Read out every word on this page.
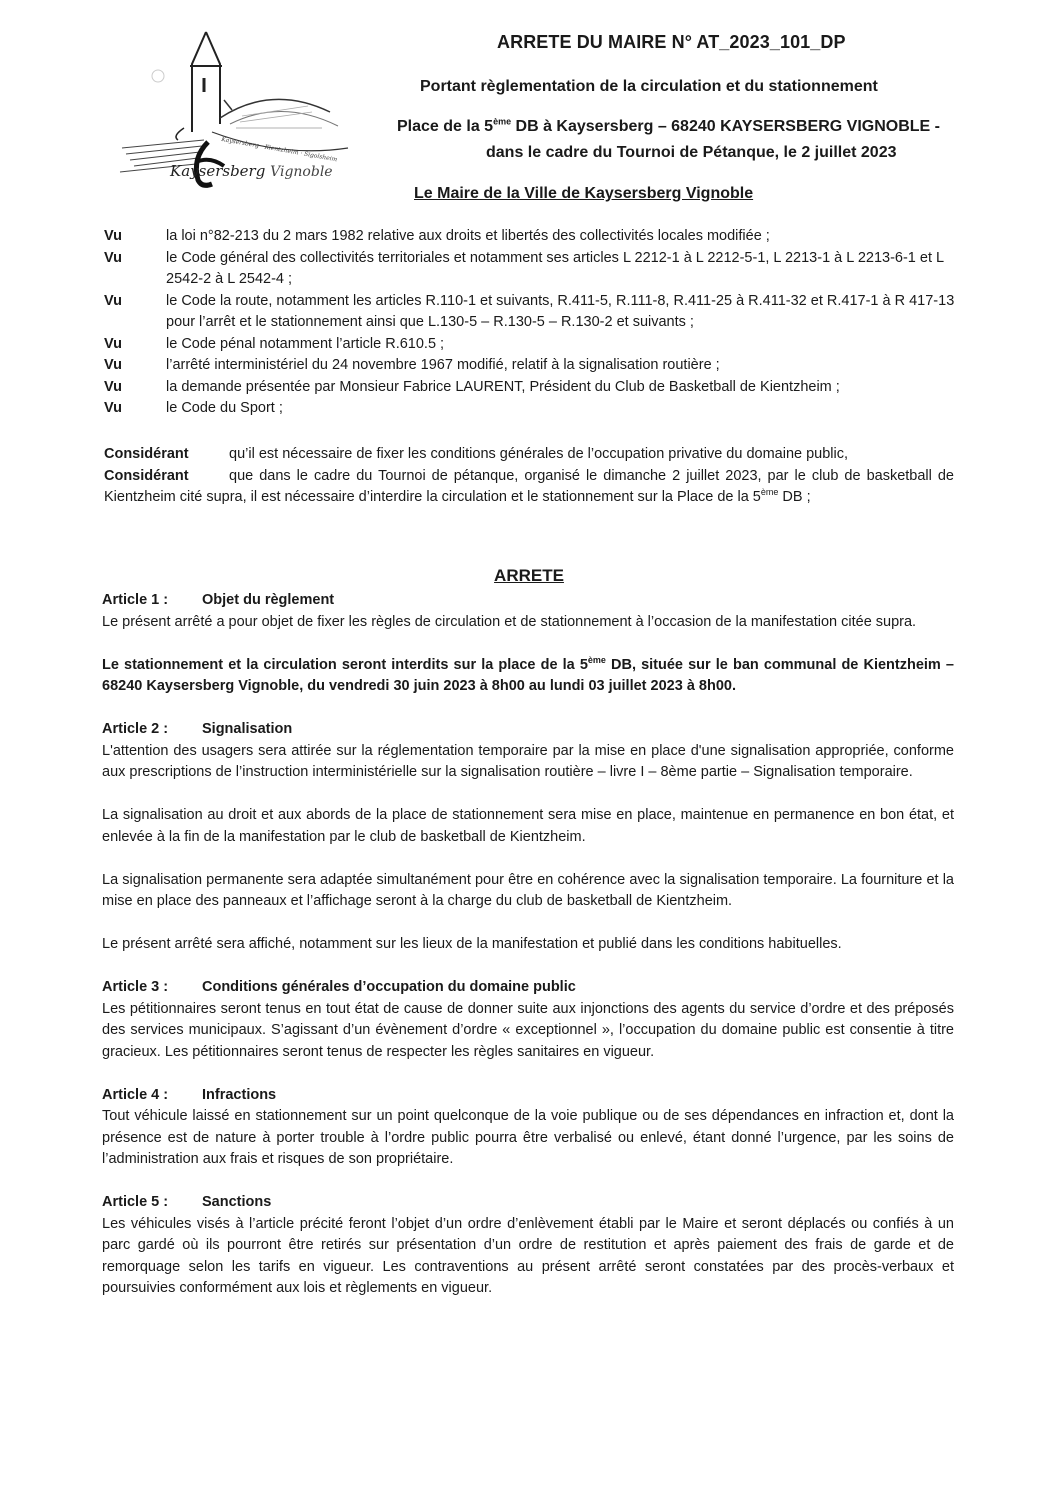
Kaysersberg Vignoble
Kaysersberg · Kientzheim · Sigolsheim
ARRETE DU MAIRE N° AT_2023_101_DP
Portant règlementation de la circulation et du stationnement
Place de la 5ème DB à Kaysersberg – 68240 KAYSERSBERG VIGNOBLE -
dans le cadre du Tournoi de Pétanque, le 2 juillet 2023
Le Maire de la Ville de Kaysersberg Vignoble
Vu	la loi n°82-213 du 2 mars 1982 relative aux droits et libertés des collectivités locales modifiée ;
Vu	le Code général des collectivités territoriales et notamment ses articles L 2212-1 à L 2212-5-1, L 2213-1 à L 2213-6-1 et L 2542-2 à L 2542-4 ;
Vu	le Code la route, notamment les articles R.110-1 et suivants, R.411-5, R.111-8, R.411-25 à R.411-32 et R.417-1 à R 417-13 pour l’arrêt et le stationnement ainsi que L.130-5 – R.130-5 – R.130-2 et suivants ;
Vu	le Code pénal notamment l’article R.610.5 ;
Vu	l’arrêté interministériel du 24 novembre 1967 modifié, relatif à la signalisation routière ;
Vu	la demande présentée par Monsieur Fabrice LAURENT, Président du Club de Basketball de Kientzheim ;
Vu	le Code du Sport ;
Considérant	qu’il est nécessaire de fixer les conditions générales de l’occupation privative du domaine public,
Considérant	que dans le cadre du Tournoi de pétanque, organisé le dimanche 2 juillet 2023, par le club de basketball de Kientzheim cité supra, il est nécessaire d’interdire la circulation et le stationnement sur la Place de la 5ème DB ;
ARRETE
Article 1 :	Objet du règlement

Le présent arrêté a pour objet de fixer les règles de circulation et de stationnement à l’occasion de la manifestation citée supra.

Le stationnement et la circulation seront interdits sur la place de la 5ème DB, située sur le ban communal de Kientzheim – 68240 Kaysersberg Vignoble, du vendredi 30 juin 2023 à 8h00 au lundi 03 juillet 2023 à 8h00.

Article 2 :	Signalisation

L'attention des usagers sera attirée sur la réglementation temporaire par la mise en place d'une signalisation appropriée, conforme aux prescriptions de l’instruction interministérielle sur la signalisation routière – livre I – 8ème partie – Signalisation temporaire.

La signalisation au droit et aux abords de la place de stationnement sera mise en place, maintenue en permanence en bon état, et enlevée à la fin de la manifestation par le club de basketball de Kientzheim.

La signalisation permanente sera adaptée simultanément pour être en cohérence avec la signalisation temporaire. La fourniture et la mise en place des panneaux et l’affichage seront à la charge du club de basketball de Kientzheim.

Le présent arrêté sera affiché, notamment sur les lieux de la manifestation et publié dans les conditions habituelles.

Article 3 :	Conditions générales d’occupation du domaine public

Les pétitionnaires seront tenus en tout état de cause de donner suite aux injonctions des agents du service d’ordre et des préposés des services municipaux. S’agissant d’un évènement d’ordre « exceptionnel », l’occupation du domaine public est consentie à titre gracieux. Les pétitionnaires seront tenus de respecter les règles sanitaires en vigueur.

Article 4 :	Infractions

Tout véhicule laissé en stationnement sur un point quelconque de la voie publique ou de ses dépendances en infraction et, dont la présence est de nature à porter trouble à l’ordre public pourra être verbalisé ou enlevé, étant donné l’urgence, par les soins de l’administration aux frais et risques de son propriétaire.

Article 5 :	Sanctions

Les véhicules visés à l’article précité feront l’objet d’un ordre d’enlèvement établi par le Maire et seront déplacés ou confiés à un parc gardé où ils pourront être retirés sur présentation d’un ordre de restitution et après paiement des frais de garde et de remorquage selon les tarifs en vigueur. Les contraventions au présent arrêté seront constatées par des procès-verbaux et poursuivies conformément aux lois et règlements en vigueur.
